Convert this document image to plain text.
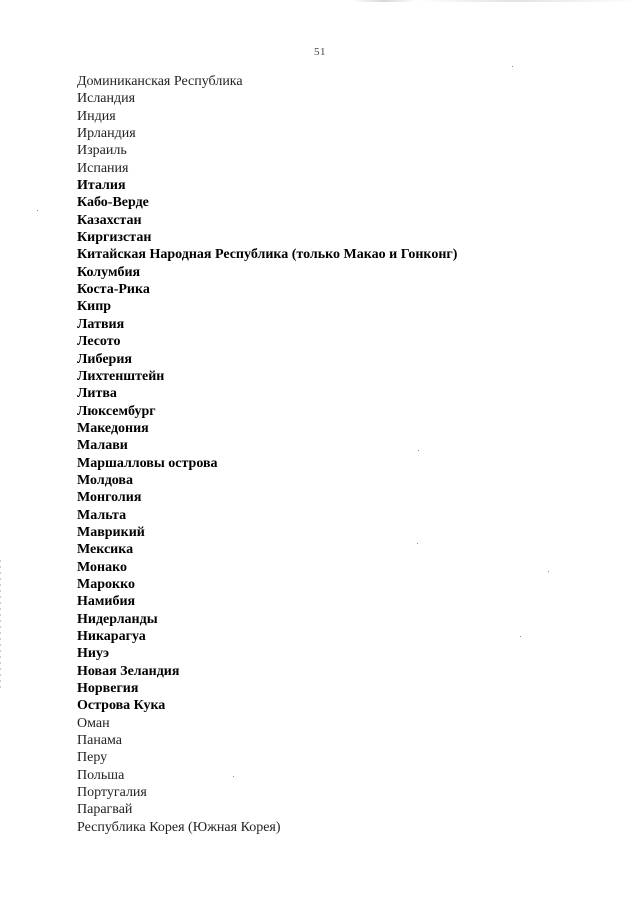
51
Доминиканская Республика
Исландия
Индия
Ирландия
Израиль
Испания
Италия
Кабо-Верде
Казахстан
Киргизстан
Китайская Народная Республика (только Макао и Гонконг)
Колумбия
Коста-Рика
Кипр
Латвия
Лесото
Либерия
Лихтенштейн
Литва
Люксембург
Македония
Малави
Маршалловы острова
Молдова
Монголия
Мальта
Маврикий
Мексика
Монако
Марокко
Намибия
Нидерланды
Никарагуа
Ниуэ
Новая Зеландия
Норвегия
Острова Кука
Оман
Панама
Перу
Польша
Португалия
Парагвай
Республика Корея (Южная Корея)
